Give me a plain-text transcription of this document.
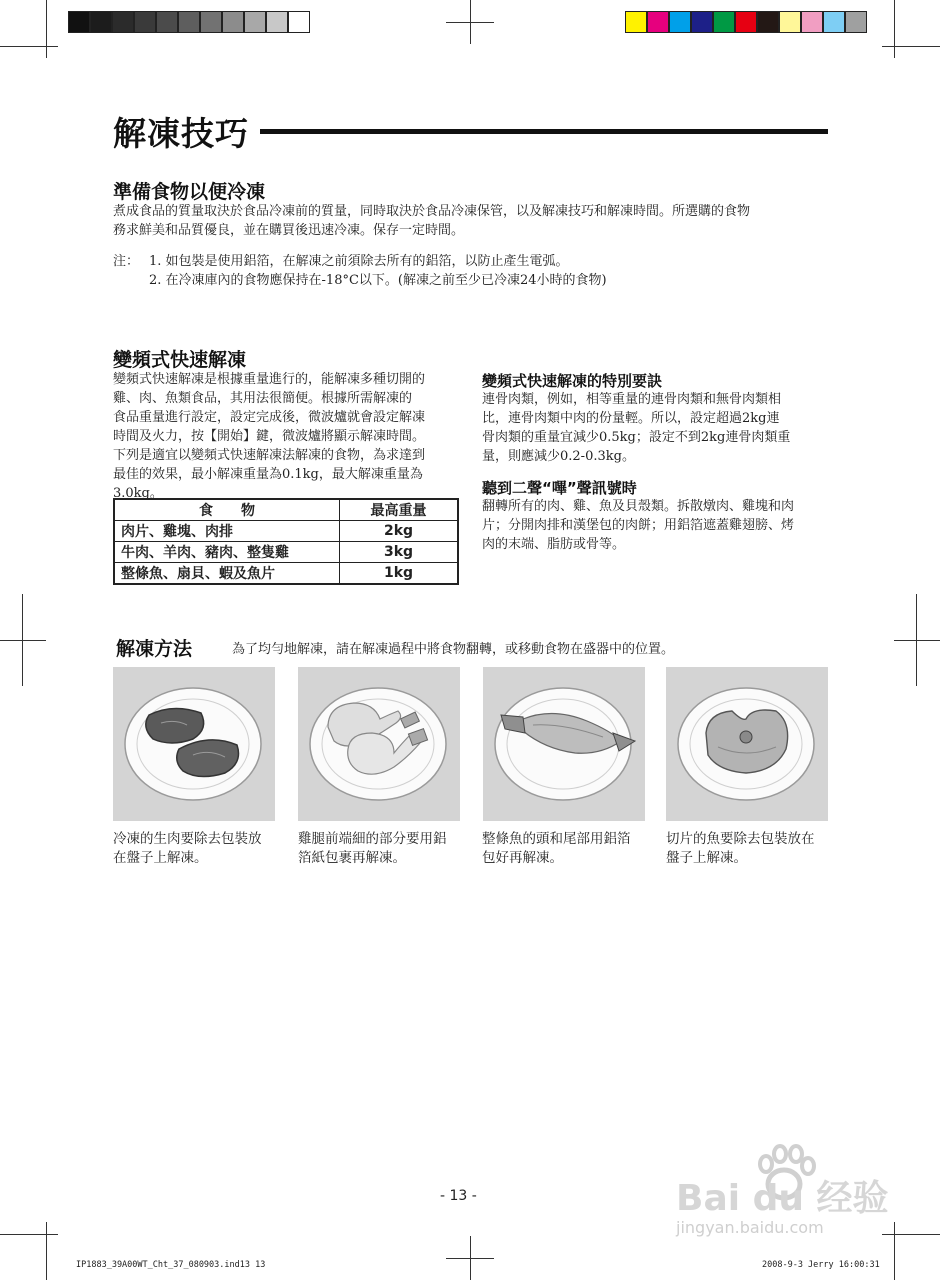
解凍技巧
準備食物以便冷凍
煮成食品的質量取決於食品冷凍前的質量，同時取決於食品冷凍保管，以及解凍技巧和解凍時間。所選購的食物
務求鮮美和品質優良，並在購買後迅速冷凍。保存一定時間。
注： 1. 如包裝是使用鋁箔，在解凍之前須除去所有的鋁箔，以防止產生電弧。
2. 在冷凍庫內的食物應保持在-18°C以下。(解凍之前至少已冷凍24小時的食物)
變頻式快速解凍
變頻式快速解凍是根據重量進行的，能解凍多種切開的
雞、肉、魚類食品，其用法很簡便。根據所需解凍的
食品重量進行設定，設定完成後，微波爐就會設定解凍
時間及火力，按【開始】鍵，微波爐將顯示解凍時間。
下列是適宜以變頻式快速解凍法解凍的食物，為求達到
最佳的效果，最小解凍重量為0.1kg，最大解凍重量為
3.0kg。
食　　物	最高重量
肉片、雞塊、肉排	2kg
牛肉、羊肉、豬肉、整隻雞	3kg
整條魚、扇貝、蝦及魚片	1kg
變頻式快速解凍的特別要訣
連骨肉類，例如，相等重量的連骨肉類和無骨肉類相
比，連骨肉類中肉的份量輕。所以，設定超過2kg連
骨肉類的重量宜減少0.5kg；設定不到2kg連骨肉類重
量，則應減少0.2-0.3kg。
聽到二聲“嗶”聲訊號時
翻轉所有的肉、雞、魚及貝殼類。拆散燉肉、雞塊和肉
片；分開肉排和漢堡包的肉餅；用鋁箔遮蓋雞翅膀、烤
肉的末端、脂肪或骨等。
解凍方法	為了均勻地解凍，請在解凍過程中將食物翻轉，或移動食物在盛器中的位置。
冷凍的生肉要除去包裝放
在盤子上解凍。
雞腿前端細的部分要用鋁
箔紙包裹再解凍。
整條魚的頭和尾部用鋁箔
包好再解凍。
切片的魚要除去包裝放在
盤子上解凍。
Bai du 经验
jingyan.baidu.com
- 13 -
IP1883_39A00WT_Cht_37_080903.ind13 13	2008-9-3 Jerry 16:00:31
